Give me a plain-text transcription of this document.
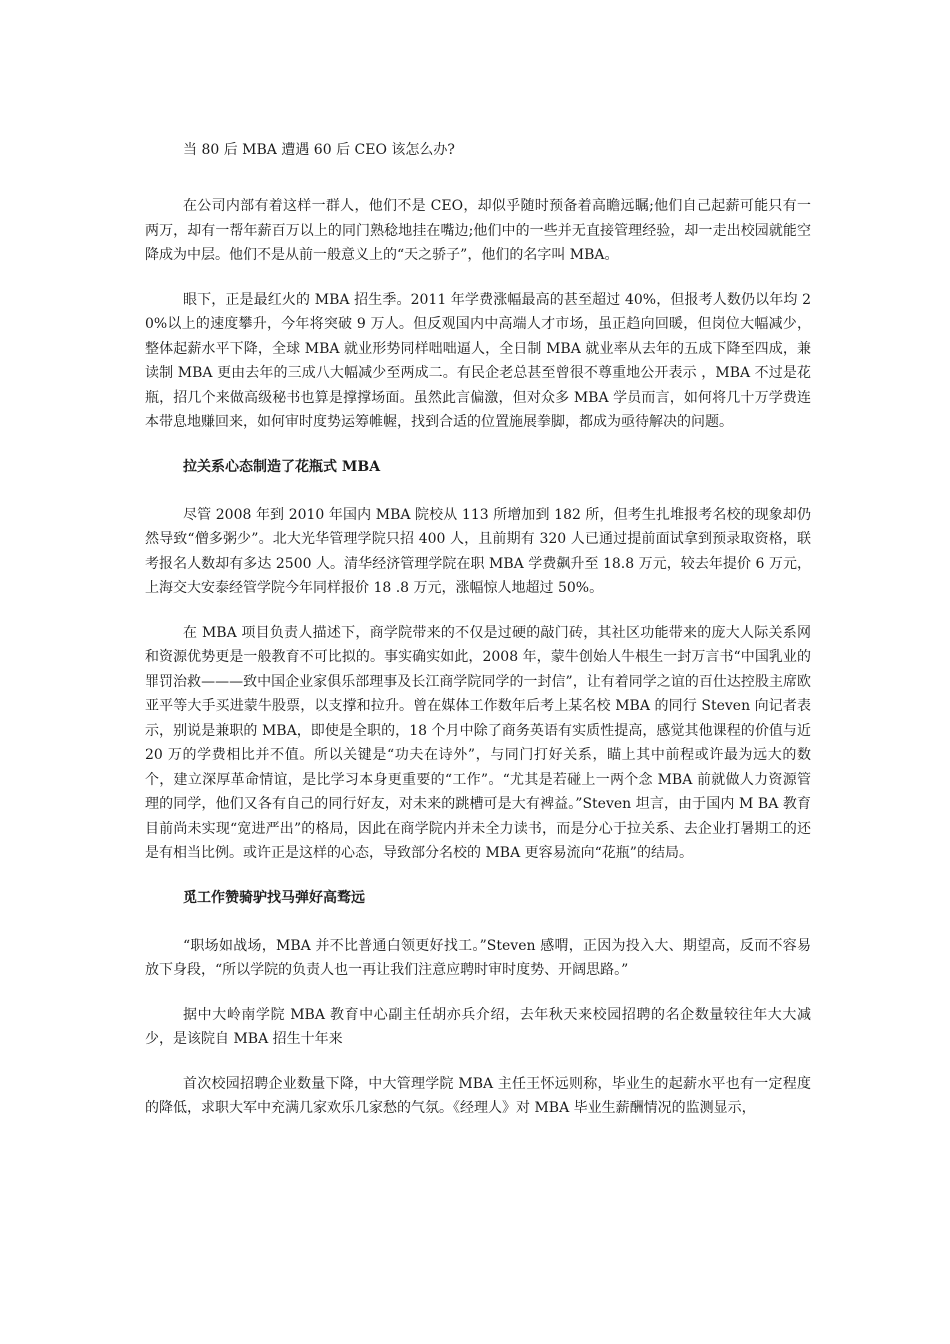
当 80 后 MBA 遭遇 60 后 CEO 该怎么办?

在公司内部有着这样一群人，他们不是 CEO，却似乎随时预备着高瞻远瞩;他们自己起薪可能只有一两万，却有一帮年薪百万以上的同门熟稔地挂在嘴边;他们中的一些并无直接管理经验，却一走出校园就能空降成为中层。他们不是从前一般意义上的“天之骄子”，他们的名字叫 MBA。

眼下，正是最红火的 MBA 招生季。2011 年学费涨幅最高的甚至超过 40%，但报考人数仍以年均 20%以上的速度攀升，今年将突破 9 万人。但反观国内中高端人才市场，虽正趋向回暖，但岗位大幅减少，整体起薪水平下降，全球 MBA 就业形势同样咄咄逼人，全日制 MBA 就业率从去年的五成下降至四成，兼读制 MBA 更由去年的三成八大幅减少至两成二。有民企老总甚至曾很不尊重地公开表示 ，MBA 不过是花瓶，招几个来做高级秘书也算是撑撑场面。虽然此言偏激，但对众多 MBA 学员而言，如何将几十万学费连本带息地赚回来，如何审时度势运筹帷幄，找到合适的位置施展拳脚，都成为亟待解决的问题。

拉关系心态制造了花瓶式 MBA

尽管 2008 年到 2010 年国内 MBA 院校从 113 所增加到 182 所，但考生扎堆报考名校的现象却仍然导致“僧多粥少”。北大光华管理学院只招 400 人，且前期有 320 人已通过提前面试拿到预录取资格，联考报名人数却有多达 2500 人。清华经济管理学院在职 MBA 学费飙升至 18.8 万元，较去年提价 6 万元，上海交大安泰经管学院今年同样报价 18 .8 万元，涨幅惊人地超过 50%。

在 MBA 项目负责人描述下，商学院带来的不仅是过硬的敲门砖，其社区功能带来的庞大人际关系网和资源优势更是一般教育不可比拟的。事实确实如此，2008 年，蒙牛创始人牛根生一封万言书“中国乳业的罪罚治救———致中国企业家俱乐部理事及长江商学院同学的一封信”，让有着同学之谊的百仕达控股主席欧亚平等大手买进蒙牛股票，以支撑和拉升。曾在媒体工作数年后考上某名校 MBA 的同行 Steven 向记者表示，别说是兼职的 MBA，即使是全职的，18 个月中除了商务英语有实质性提高，感觉其他课程的价值与近 20 万的学费相比并不值。所以关键是“功夫在诗外”，与同门打好关系，瞄上其中前程或许最为远大的数个，建立深厚革命情谊，是比学习本身更重要的“工作”。“尤其是若碰上一两个念 MBA 前就做人力资源管理的同学，他们又各有自己的同行好友，对未来的跳槽可是大有裨益。”Steven 坦言，由于国内 M BA 教育目前尚未实现“宽进严出”的格局，因此在商学院内并未全力读书，而是分心于拉关系、去企业打暑期工的还是有相当比例。或许正是这样的心态，导致部分名校的 MBA 更容易流向“花瓶”的结局。

觅工作赞骑驴找马弹好高骛远

“职场如战场，MBA 并不比普通白领更好找工。”Steven 感喟，正因为投入大、期望高，反而不容易放下身段，“所以学院的负责人也一再让我们注意应聘时审时度势、开阔思路。”

据中大岭南学院 MBA 教育中心副主任胡亦兵介绍，去年秋天来校园招聘的名企数量较往年大大减少，是该院自 MBA 招生十年来

首次校园招聘企业数量下降，中大管理学院 MBA 主任王怀远则称，毕业生的起薪水平也有一定程度的降低，求职大军中充满几家欢乐几家愁的气氛。《经理人》对 MBA 毕业生薪酬情况的监测显示，
